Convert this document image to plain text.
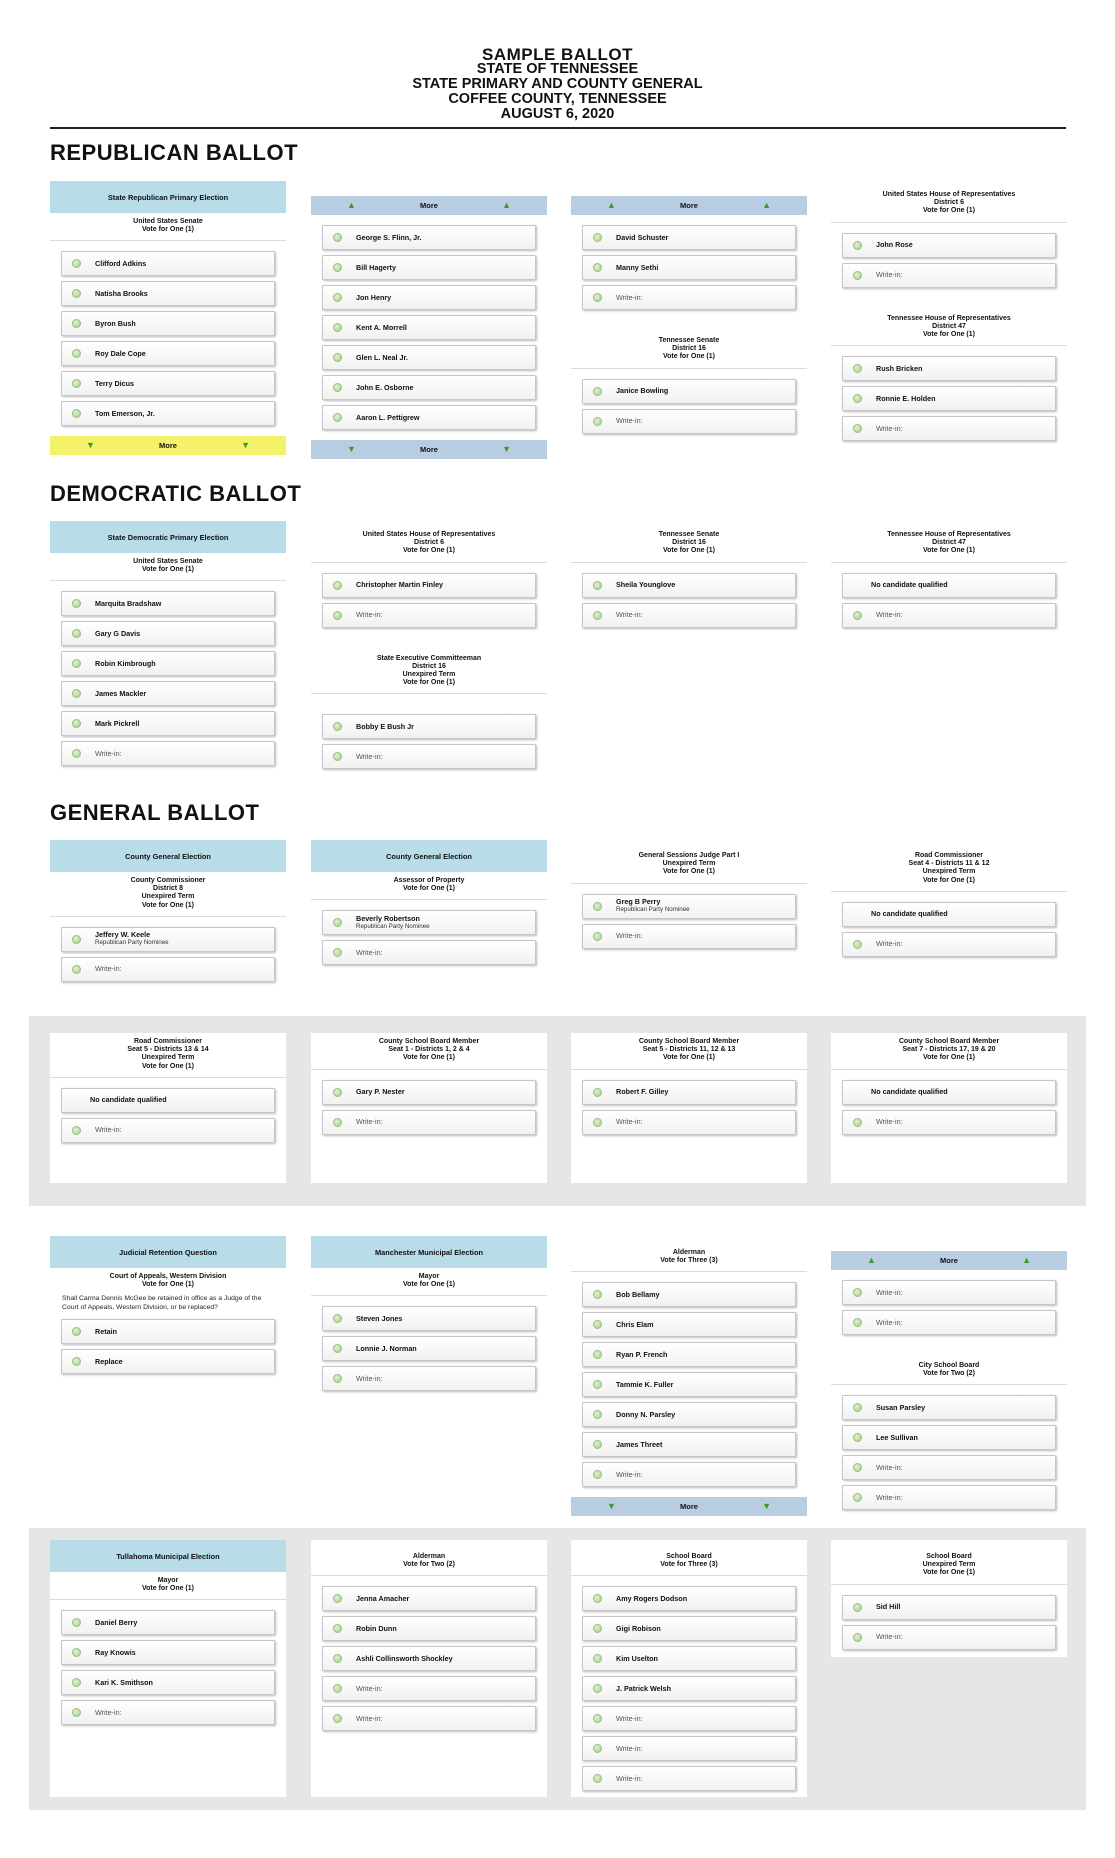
SAMPLE BALLOT
STATE OF TENNESSEE
STATE PRIMARY AND COUNTY GENERAL
COFFEE COUNTY, TENNESSEE
AUGUST 6, 2020
REPUBLICAN BALLOT
DEMOCRATIC BALLOT
GENERAL BALLOT
State Republican Primary Election
United States Senate
Vote for One (1)
Clifford Adkins
Natisha Brooks
Byron Bush
Roy Dale Cope
Terry Dicus
Tom Emerson, Jr.
▼	More	▼
▲	More	▲
George S. Flinn, Jr.
Bill Hagerty
Jon Henry
Kent A. Morrell
Glen L. Neal Jr.
John E. Osborne
Aaron L. Pettigrew
▼	More	▼
▲	More	▲
David Schuster
Manny Sethi
Write-in:
Tennessee Senate
District 16
Vote for One (1)
Janice Bowling
Write-in:
United States House of Representatives
District 6
Vote for One (1)
John Rose
Write-in:
Tennessee House of Representatives
District 47
Vote for One (1)
Rush Bricken
Ronnie E. Holden
Write-in:
State Democratic Primary Election
United States Senate
Vote for One (1)
Marquita Bradshaw
Gary G Davis
Robin Kimbrough
James Mackler
Mark Pickrell
Write-in:
United States House of Representatives
District 6
Vote for One (1)
Christopher Martin Finley
Write-in:
State Executive Committeeman
District 16
Unexpired Term
Vote for One (1)
Bobby E Bush Jr
Write-in:
Tennessee Senate
District 16
Vote for One (1)
Sheila Younglove
Write-in:
Tennessee House of Representatives
District 47
Vote for One (1)
No candidate qualified
Write-in:
County General Election
County Commissioner
District 8
Unexpired Term
Vote for One (1)
Jeffery W. Keele
Republican Party Nominee
Write-in:
County General Election
Assessor of Property
Vote for One (1)
Beverly Robertson
Republican Party Nominee
Write-in:
General Sessions Judge Part I
Unexpired Term
Vote for One (1)
Greg B Perry
Republican Party Nominee
Write-in:
Road Commissioner
Seat 4 - Districts 11 & 12
Unexpired Term
Vote for One (1)
No candidate qualified
Write-in:
Road Commissioner
Seat 5 - Districts 13 & 14
Unexpired Term
Vote for One (1)
No candidate qualified
Write-in:
County School Board Member
Seat 1 - Districts 1, 2 & 4
Vote for One (1)
Gary P. Nester
Write-in:
County School Board Member
Seat 5 - Districts 11, 12 & 13
Vote for One (1)
Robert F. Gilley
Write-in:
County School Board Member
Seat 7 - Districts 17, 19 & 20
Vote for One (1)
No candidate qualified
Write-in:
Judicial Retention Question
Court of Appeals, Western Division
Vote for One (1)
Shall Carma Dennis McGee be retained in office as a Judge of the Court of Appeals, Western Division, or be replaced?
Retain
Replace
Manchester Municipal Election
Mayor
Vote for One (1)
Steven Jones
Lonnie J. Norman
Write-in:
Alderman
Vote for Three (3)
Bob Bellamy
Chris Elam
Ryan P. French
Tammie K. Fuller
Donny N. Parsley
James Threet
Write-in:
▼	More	▼
▲	More	▲
Write-in:
Write-in:
City School Board
Vote for Two (2)
Susan Parsley
Lee Sullivan
Write-in:
Write-in:
Tullahoma Municipal Election
Mayor
Vote for One (1)
Daniel Berry
Ray Knowis
Kari K. Smithson
Write-in:
Alderman
Vote for Two (2)
Jenna Amacher
Robin Dunn
Ashli Collinsworth Shockley
Write-in:
Write-in:
School Board
Vote for Three (3)
Amy Rogers Dodson
Gigi Robison
Kim Uselton
J. Patrick Welsh
Write-in:
Write-in:
Write-in:
School Board
Unexpired Term
Vote for One (1)
Sid Hill
Write-in:
